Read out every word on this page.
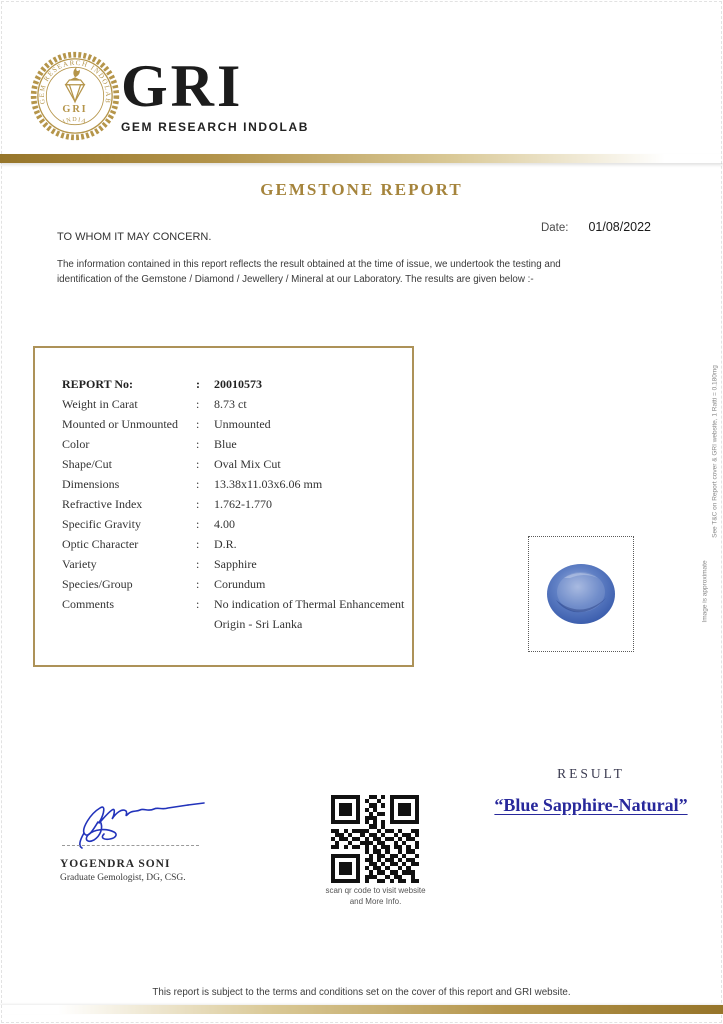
GEM RESEARCH INDOLAB
INDIA
GRI GRI
GEM RESEARCH INDOLAB
GEMSTONE REPORT
Date: 01/08/2022
TO WHOM IT MAY CONCERN.
The information contained in this report reflects the result obtained at the time of issue, we undertook the testing and identification of the Gemstone / Diamond / Jewellery / Mineral at our Laboratory. The results are given below :-
REPORT No:	:	20010573
Weight in Carat	:	8.73 ct
Mounted or Unmounted	:	Unmounted
Color	:	Blue
Shape/Cut	:	Oval Mix Cut
Dimensions	:	13.38x11.03x6.06 mm
Refractive Index	:	1.762-1.770
Specific Gravity	:	4.00
Optic Character	:	D.R.
Variety	:	Sapphire
Species/Group	:	Corundum
Comments	:	No indication of Thermal Enhancement
Origin - Sri Lanka
See T&C on Report cover & GRI website, 1 Ratti = 0.180mg
Image is approximate
RESULT
“Blue Sapphire-Natural”
YOGENDRA SONI
Graduate Gemologist, DG, CSG.
scan qr code to visit website
and More Info.
This report is subject to the terms and conditions set on the cover of this report and GRI website.
